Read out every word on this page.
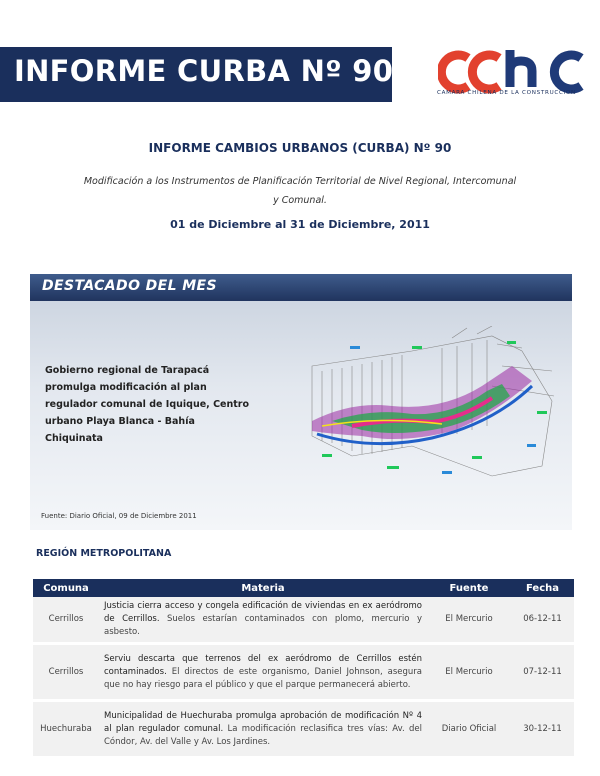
INFORME CURBA Nº 90
CAMARA CHILENA DE LA CONSTRUCCION
INFORME CAMBIOS URBANOS (CURBA) Nº 90
Modificación a los Instrumentos de Planificación Territorial de Nivel Regional, Intercomunal y Comunal.
01 de Diciembre al 31 de Diciembre, 2011
DESTACADO DEL MES
Gobierno regional de Tarapacá promulga modificación al plan regulador comunal de Iquique, Centro urbano Playa Blanca - Bahía Chiquinata
Fuente: Diario Oficial, 09 de Diciembre 2011
REGIÓN METROPOLITANA
Comuna	Materia	Fuente	Fecha
Cerrillos	Justicia cierra acceso y congela edificación de viviendas en ex aeródromo de Cerrillos. Suelos estarían contaminados con plomo, mercurio y asbesto.	El Mercurio	06-12-11
Cerrillos	Serviu descarta que terrenos del ex aeródromo de Cerrillos estén contaminados. El directos de este organismo, Daniel Johnson, asegura que no hay riesgo para el público y que el parque permanecerá abierto.	El Mercurio	07-12-11
Huechuraba	Municipalidad de Huechuraba promulga aprobación de modificación Nº 4 al plan regulador comunal. La modificación reclasifica tres vías: Av. del Cóndor, Av. del Valle y Av. Los Jardines.	Diario Oficial	30-12-11
